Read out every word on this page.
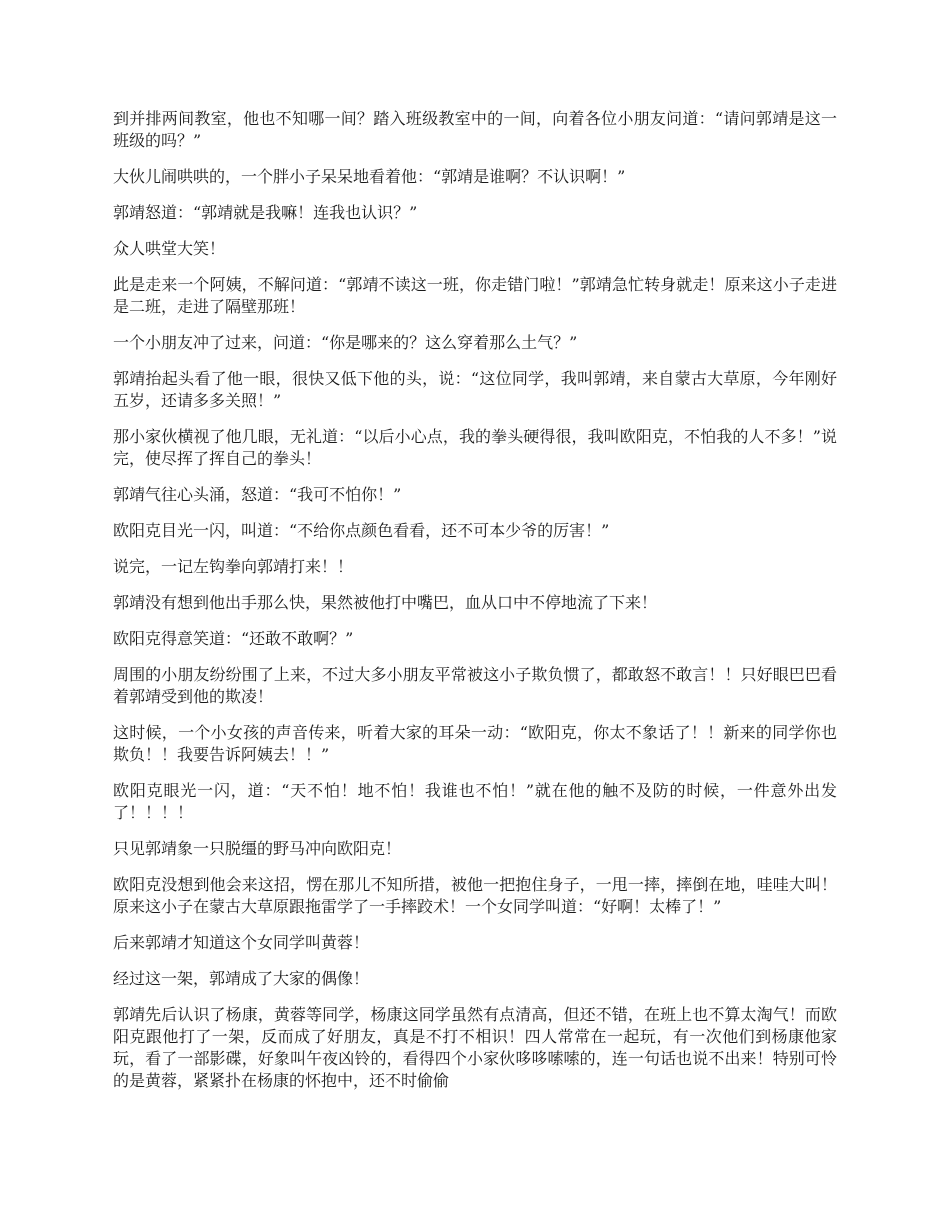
到并排两间教室，他也不知哪一间？踏入班级教室中的一间，向着各位小朋友问道：“请问郭靖是这一班级的吗？”

大伙儿闹哄哄的，一个胖小子呆呆地看着他：“郭靖是谁啊？不认识啊！”

郭靖怒道：“郭靖就是我嘛！连我也认识？”

众人哄堂大笑！

此是走来一个阿姨，不解问道：“郭靖不读这一班，你走错门啦！”郭靖急忙转身就走！原来这小子走进是二班，走进了隔壁那班！

一个小朋友冲了过来，问道：“你是哪来的？这么穿着那么土气？”

郭靖抬起头看了他一眼，很快又低下他的头，说：“这位同学，我叫郭靖，来自蒙古大草原，今年刚好五岁，还请多多关照！”

那小家伙横视了他几眼，无礼道：“以后小心点，我的拳头硬得很，我叫欧阳克，不怕我的人不多！”说完，使尽挥了挥自己的拳头！

郭靖气往心头涌，怒道：“我可不怕你！”

欧阳克目光一闪，叫道：“不给你点颜色看看，还不可本少爷的厉害！”

说完，一记左钩拳向郭靖打来！！

郭靖没有想到他出手那么快，果然被他打中嘴巴，血从口中不停地流了下来！

欧阳克得意笑道：“还敢不敢啊？”

周围的小朋友纷纷围了上来，不过大多小朋友平常被这小子欺负惯了，都敢怒不敢言！！只好眼巴巴看着郭靖受到他的欺凌！

这时候，一个小女孩的声音传来，听着大家的耳朵一动：“欧阳克，你太不象话了！！新来的同学你也欺负！！我要告诉阿姨去！！”

欧阳克眼光一闪，道：“天不怕！地不怕！我谁也不怕！”就在他的触不及防的时候，一件意外出发了！！！！

只见郭靖象一只脱缰的野马冲向欧阳克！

欧阳克没想到他会来这招，愣在那儿不知所措，被他一把抱住身子，一甩一摔，摔倒在地，哇哇大叫！原来这小子在蒙古大草原跟拖雷学了一手摔跤术！一个女同学叫道：“好啊！太棒了！”

后来郭靖才知道这个女同学叫黄蓉！

经过这一架，郭靖成了大家的偶像！

郭靖先后认识了杨康，黄蓉等同学，杨康这同学虽然有点清高，但还不错，在班上也不算太淘气！而欧阳克跟他打了一架，反而成了好朋友，真是不打不相识！四人常常在一起玩，有一次他们到杨康他家玩，看了一部影碟，好象叫午夜凶铃的，看得四个小家伙哆哆嗦嗦的，连一句话也说不出来！特别可怜的是黄蓉，紧紧扑在杨康的怀抱中，还不时偷偷
